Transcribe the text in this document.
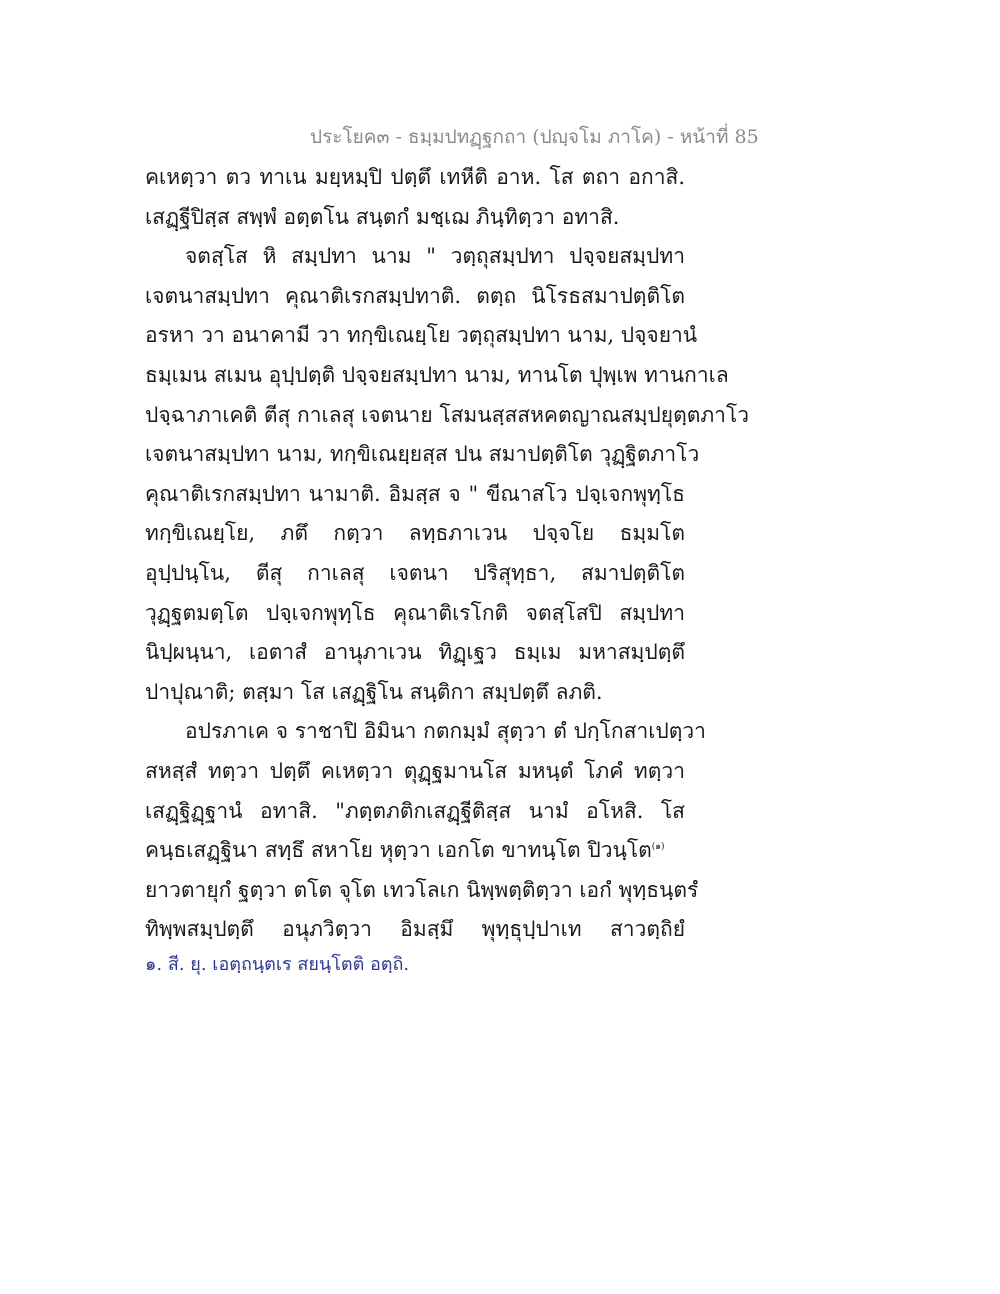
ประโยค๓ - ธมฺมปทฏฺฐกถา (ปญฺจโม ภาโค) - หน้าที่ 85
คเหตฺวา ตว ทาเน มยฺหมฺปิ ปตฺตึ เทหีติ อาห. โส ตถา อกาสิ.
เสฏฺฐีปิสฺส สพฺพํ อตฺตโน สนฺตกํ มชฺเฌ ภินฺทิตฺวา อทาสิ.
จตสฺโส หิ สมฺปทา นาม " วตฺถุสมฺปทา ปจฺจยสมฺปทา
เจตนาสมฺปทา คุณาติเรกสมฺปทาติ. ตตฺถ นิโรธสมาปตฺติโต
อรหา วา อนาคามี วา ทกฺขิเณยฺโย วตฺถุสมฺปทา นาม, ปจฺจยานํ
ธมฺเมน สเมน อุปฺปตฺติ ปจฺจยสมฺปทา นาม, ทานโต ปุพฺเพ ทานกาเล
ปจฺฉาภาเคติ ตีสุ กาเลสุ เจตนาย โสมนสฺสสหคตญาณสมฺปยุตฺตภาโว
เจตนาสมฺปทา นาม, ทกฺขิเณยฺยสฺส ปน สมาปตฺติโต วุฏฺฐิตภาโว
คุณาติเรกสมฺปทา นามาติ. อิมสฺส จ " ขีณาสโว ปจฺเจกพุทฺโธ
ทกฺขิเณยฺโย, ภตึ กตฺวา ลทฺธภาเวน ปจฺจโย ธมฺมโต
อุปฺปนฺโน, ตีสุ กาเลสุ เจตนา ปริสุทฺธา, สมาปตฺติโต
วุฏฺฐตมตฺโต ปจฺเจกพุทฺโธ คุณาติเรโกติ จตสฺโสปิ สมฺปทา
นิปฺผนฺนา, เอตาสํ อานุภาเวน ทิฏฺเฐว ธมฺเม มหาสมฺปตฺตึ
ปาปุณาติ; ตสฺมา โส เสฏฺฐิโน สนฺติกา สมฺปตฺตึ ลภติ.
อปรภาเค จ ราชาปิ อิมินา กตกมฺมํ สุตฺวา ตํ ปกฺโกสาเปตฺวา
สหสฺสํ ทตฺวา ปตฺตึ คเหตฺวา ตุฏฺฐมานโส มหนฺตํ โภคํ ทตฺวา
เสฏฺฐิฏฺฐานํ อทาสิ. "ภตฺตภติกเสฏฺฐีติสฺส นามํ อโหสิ. โส
คนฺธเสฏฺฐินา สทฺธึ สหาโย หุตฺวา เอกโต ขาทนฺโต ปิวนฺโต$^{(๑)}$
ยาวตายุกํ ฐตฺวา ตโต จุโต เทวโลเก นิพฺพตฺติตฺวา เอกํ พุทฺธนฺตรํ
ทิพฺพสมฺปตฺตึ อนุภวิตฺวา อิมสฺมึ พุทฺธุปฺปาเท สาวตฺถิยํ
๑. สี. ยุ. เอตฺถนฺตเร สยนฺโตติ อตฺถิ.
